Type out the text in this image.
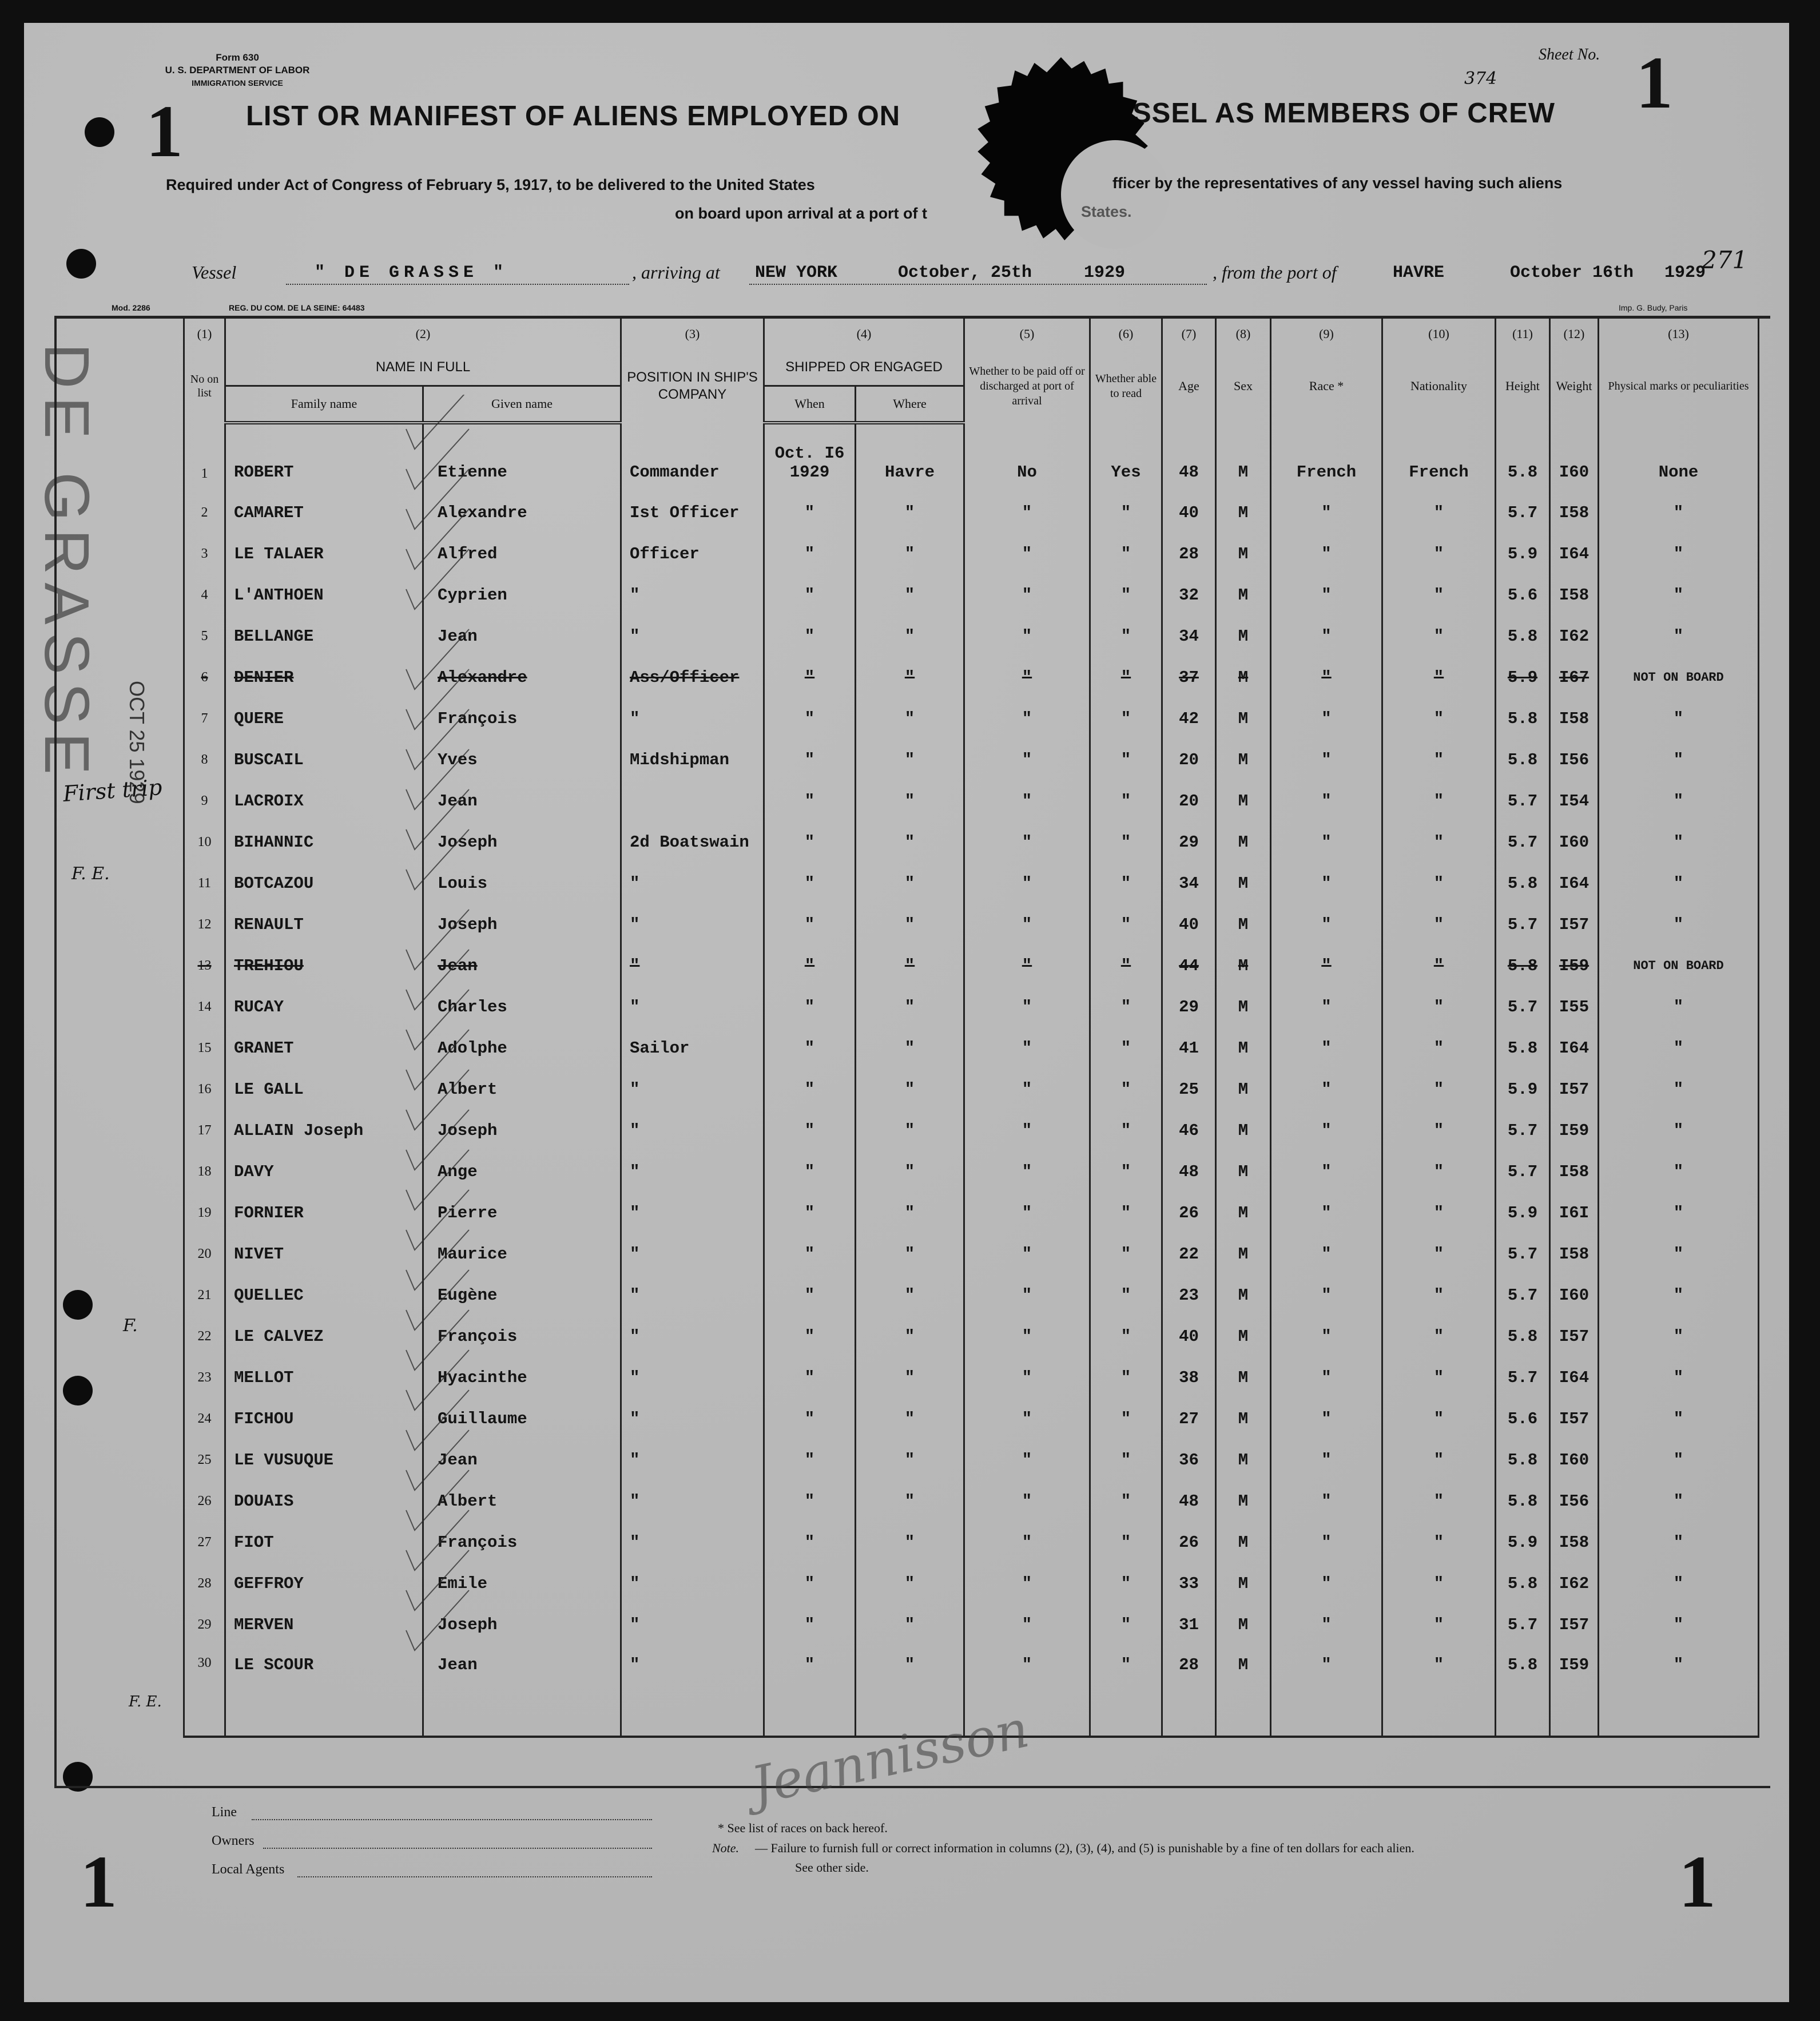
Form 630
U. S. DEPARTMENT OF LABOR
IMMIGRATION SERVICE
1
Sheet No.
374 1
LIST OR MANIFEST OF ALIENS EMPLOYED ON	SSEL AS MEMBERS OF CREW
Required under Act of Congress of February 5, 1917, to be delivered to the United States	fficer by the representatives of any vessel having such aliens
on board upon arrival at a port of t	States.
Vessel	" DE GRASSE "	, arriving at NEW YORK	October, 25th	1929	, from the port of	HAVRE	October 16th 1929
271
Mod. 2286	REG. DU COM. DE LA SEINE: 64483	Imp. G. Budy, Paris
DE GRASSE OCT 25 1929
First trip
F. E.
F.
F. E.
(1)	(2)		(3)	(4)		(5)	(6)	(7)	(8)	(9)	(10)	(11)	(12)	(13)
No on list	NAME IN FULL		POSITION IN SHIP'S COMPANY	SHIPPED OR ENGAGED		Whether to be paid off or discharged at port of arrival	Whether able to read	Age	Sex	Race *	Nationality	Height	Weight	Physical marks or peculiarities
	Family name	Given name		When	Where									
1	ROBERT	Etienne	Commander	Oct. I6 1929	Havre	No	Yes	48	M	French	French	5.8	I60	None
2	CAMARET	Alexandre	Ist Officer	"	"	"	"	40	M	"	"	5.7	I58	"
3	LE TALAER	Alfred	Officer	"	"	"	"	28	M	"	"	5.9	I64	"
4	L'ANTHOEN	Cyprien	"	"	"	"	"	32	M	"	"	5.6	I58	"
5	BELLANGE	Jean	"	"	"	"	"	34	M	"	"	5.8	I62	"
6	DENIER	Alexandre	Ass/Officer	"	"	"	"	37	M	"	"	5.9	I67	NOT ON BOARD
7	QUERE	François	"	"	"	"	"	42	M	"	"	5.8	I58	"
8	BUSCAIL	Yves	Midshipman	"	"	"	"	20	M	"	"	5.8	I56	"
9	LACROIX	Jean		"	"	"	"	20	M	"	"	5.7	I54	"
10	BIHANNIC	Joseph	2d Boatswain	"	"	"	"	29	M	"	"	5.7	I60	"
11	BOTCAZOU	Louis	"	"	"	"	"	34	M	"	"	5.8	I64	"
12	RENAULT	Joseph	"	"	"	"	"	40	M	"	"	5.7	I57	"
13	TREHIOU	Jean	"	"	"	"	"	44	M	"	"	5.8	I59	NOT ON BOARD
14	RUCAY	Charles	"	"	"	"	"	29	M	"	"	5.7	I55	"
15	GRANET	Adolphe	Sailor	"	"	"	"	41	M	"	"	5.8	I64	"
16	LE GALL	Albert	"	"	"	"	"	25	M	"	"	5.9	I57	"
17	ALLAIN Joseph	Joseph	"	"	"	"	"	46	M	"	"	5.7	I59	"
18	DAVY	Ange	"	"	"	"	"	48	M	"	"	5.7	I58	"
19	FORNIER	Pierre	"	"	"	"	"	26	M	"	"	5.9	I6I	"
20	NIVET	Maurice	"	"	"	"	"	22	M	"	"	5.7	I58	"
21	QUELLEC	Eugène	"	"	"	"	"	23	M	"	"	5.7	I60	"
22	LE CALVEZ	François	"	"	"	"	"	40	M	"	"	5.8	I57	"
23	MELLOT	Hyacinthe	"	"	"	"	"	38	M	"	"	5.7	I64	"
24	FICHOU	Guillaume	"	"	"	"	"	27	M	"	"	5.6	I57	"
25	LE VUSUQUE	Jean	"	"	"	"	"	36	M	"	"	5.8	I60	"
26	DOUAIS	Albert	"	"	"	"	"	48	M	"	"	5.8	I56	"
27	FIOT	François	"	"	"	"	"	26	M	"	"	5.9	I58	"
28	GEFFROY	Emile	"	"	"	"	"	33	M	"	"	5.8	I62	"
29	MERVEN	Joseph	"	"	"	"	"	31	M	"	"	5.7	I57	"
30	LE SCOUR	Jean	"	"	"	"	"	28	M	"	"	5.8	I59	"
Line
Owners
Local Agents
Jeannisson
* See list of races on back hereof.
Note. — Failure to furnish full or correct information in columns (2), (3), (4), and (5) is punishable by a fine of ten dollars for each alien.
See other side.
1	1
